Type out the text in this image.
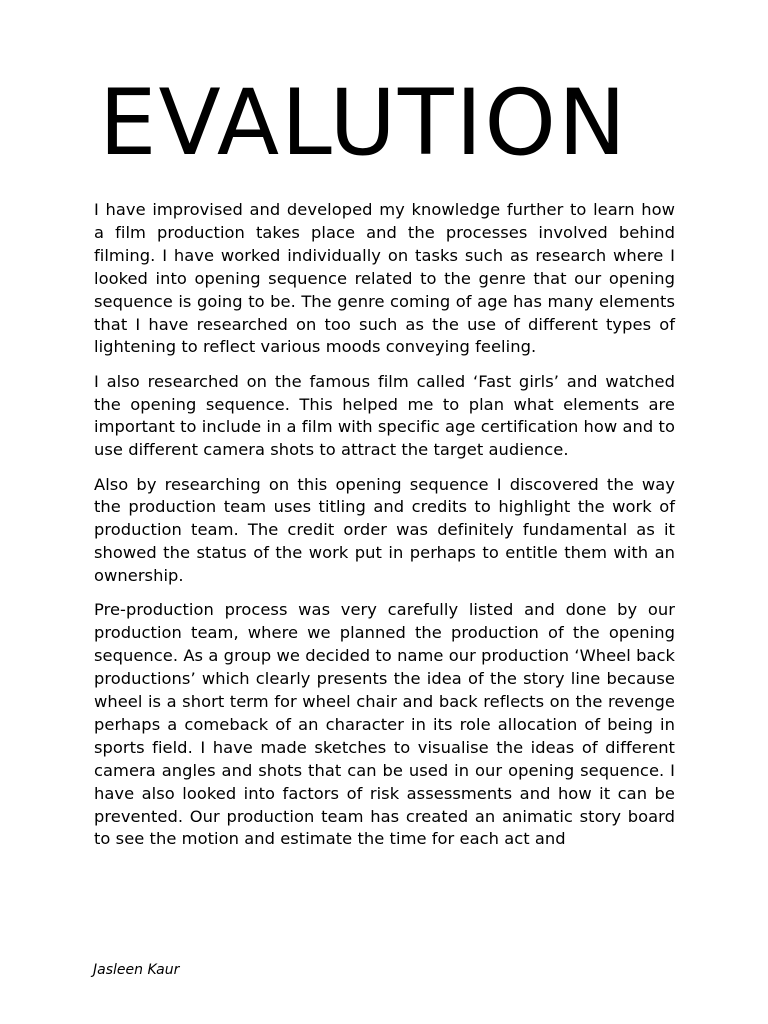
EVALUTION

I have improvised and developed my knowledge further to learn how a film production takes place and the processes involved behind filming. I have worked individually on tasks such as research where I looked into opening sequence related to the genre that our opening sequence is going to be. The genre coming of age has many elements that I have researched on too such as the use of different types of lightening to reflect various moods conveying feeling.

I also researched on the famous film called ‘Fast girls’ and watched the opening sequence. This helped me to plan what elements are important to include in a film with specific age certification how and to use different camera shots to attract the target audience.

Also by researching on this opening sequence I discovered the way the production team uses titling and credits to highlight the work of production team. The credit order was definitely fundamental as it showed the status of the work put in perhaps to entitle them with an ownership.

Pre-production process was very carefully listed and done by our production team, where we planned the production of the opening sequence. As a group we decided to name our production ‘Wheel back productions’ which clearly presents the idea of the story line because wheel is a short term for wheel chair and back reflects on the revenge perhaps a comeback of an character in its role allocation of being in sports field. I have made sketches to visualise the ideas of different camera angles and shots that can be used in our opening sequence. I have also looked into factors of risk assessments and how it can be prevented. Our production team has created an animatic story board to see the motion and estimate the time for each act and

Jasleen Kaur
